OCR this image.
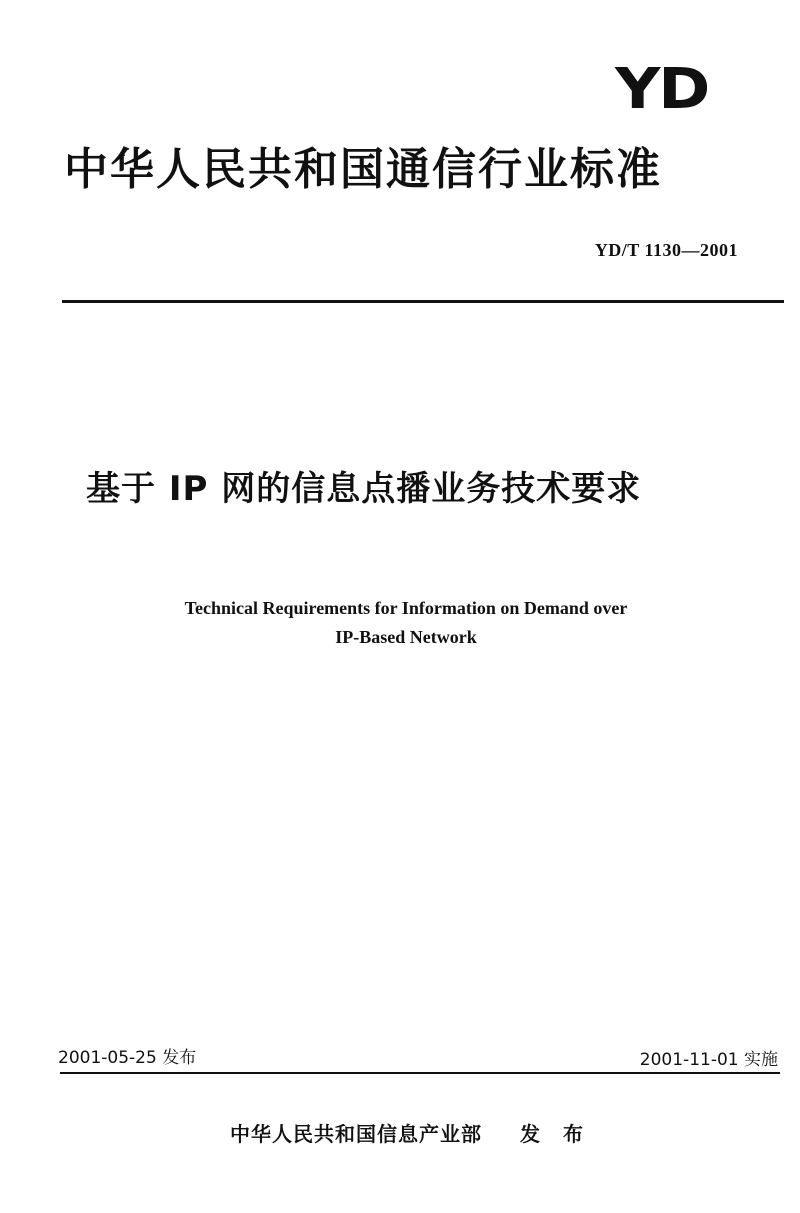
YD
中华人民共和国通信行业标准
YD/T 1130—2001
基于 IP 网的信息点播业务技术要求
Technical Requirements for Information on Demand over
IP-Based Network
2001-05-25 发布	2001-11-01 实施
中华人民共和国信息产业部 发 布
